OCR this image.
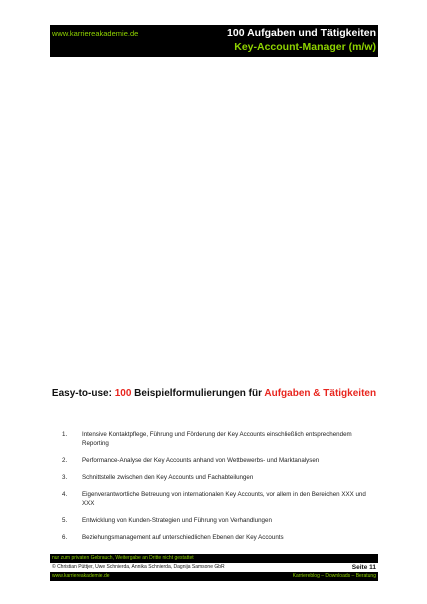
www.karriereakademie.de	100 Aufgaben und Tätigkeiten
Key-Account-Manager (m/w)
Easy-to-use: 100 Beispielformulierungen für Aufgaben & Tätigkeiten
1.	Intensive Kontaktpflege, Führung und Förderung der Key Accounts einschließlich entsprechendem Reporting
2.	Performance-Analyse der Key Accounts anhand von Wettbewerbs- und Marktanalysen
3.	Schnittstelle zwischen den Key Accounts und Fachabteilungen
4.	Eigenverantwortliche Betreuung von internationalen Key Accounts, vor allem in den Bereichen XXX und XXX
5.	Entwicklung von Kunden-Strategien und Führung von Verhandlungen
6.	Beziehungsmanagement auf unterschiedlichen Ebenen der Key Accounts
nur zum privaten Gebrauch, Weitergabe an Dritte nicht gestattet
© Christian Püttjer, Uwe Schnierda, Annika Schnierda, Dagnija Samsone GbR	Seite 11
www.karriereakademie.de	Karriereblog – Downloads – Beratung
